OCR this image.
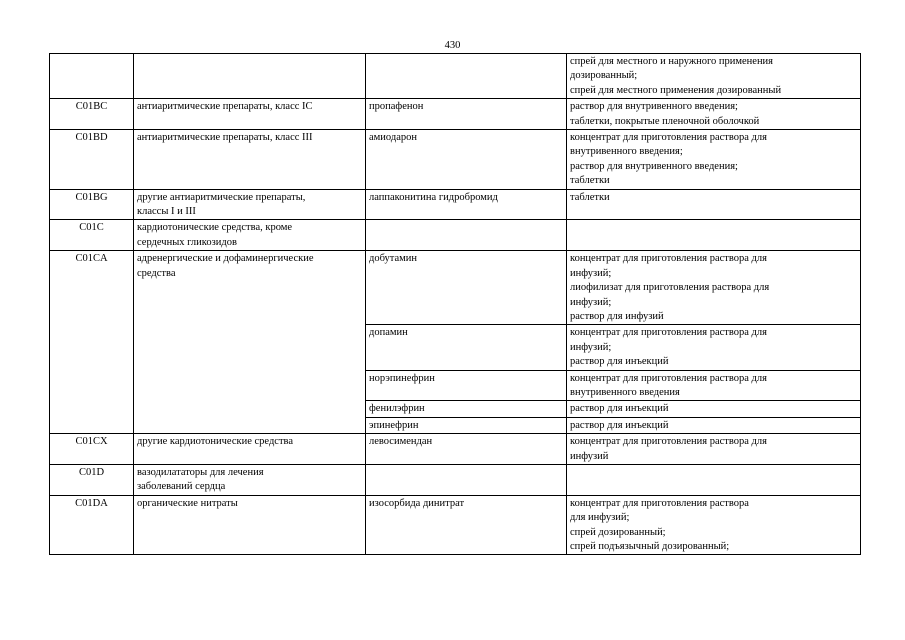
430

			спрей для местного и наружного применения
дозированный;
спрей для местного применения дозированный

C01BC	антиаритмические препараты, класс IC	пропафенон	раствор для внутривенного введения;
таблетки, покрытые пленочной оболочкой

C01BD	антиаритмические препараты, класс III	амиодарон	концентрат для приготовления раствора для
внутривенного введения;
раствор для внутривенного введения;
таблетки

C01BG	другие антиаритмические препараты,
классы I и III	лаппаконитина гидробромид	таблетки

C01C	кардиотонические средства, кроме
сердечных гликозидов		

C01CA	адренергические и дофаминергические
средства	добутамин	концентрат для приготовления раствора для
инфузий;
лиофилизат для приготовления раствора для
инфузий;
раствор для инфузий

		допамин	концентрат для приготовления раствора для
инфузий;
раствор для инъекций

		норэпинефрин	концентрат для приготовления раствора для
внутривенного введения

		фенилэфрин	раствор для инъекций

		эпинефрин	раствор для инъекций

C01CX	другие кардиотонические средства	левосимендан	концентрат для приготовления раствора для
инфузий

C01D	вазодилататоры для лечения
заболеваний сердца		

C01DA	органические нитраты	изосорбида динитрат	концентрат для приготовления раствора
для инфузий;
спрей дозированный;
спрей подъязычный дозированный;
